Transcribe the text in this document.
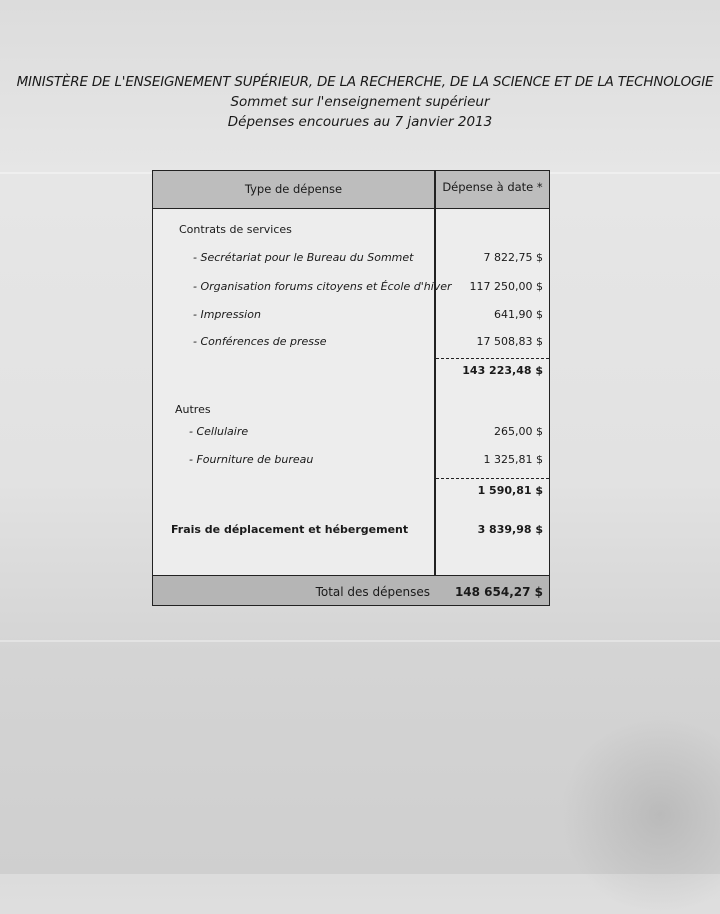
MINISTÈRE DE L'ENSEIGNEMENT SUPÉRIEUR, DE LA RECHERCHE, DE LA SCIENCE ET DE LA TECHNOLOGIE
Sommet sur l'enseignement supérieur
Dépenses encourues au 7 janvier 2013
Type de dépense	Dépense à date *
Contrats de services
- Secrétariat pour le Bureau du Sommet	7 822,75 $
- Organisation forums citoyens et École d'hiver 117 250,00 $
- Impression	641,90 $
- Conférences de presse	17 508,83 $
143 223,48 $
Autres
- Cellulaire	265,00 $
- Fourniture de bureau	1 325,81 $
1 590,81 $
Frais de déplacement et hébergement	3 839,98 $
Total des dépenses 148 654,27 $
